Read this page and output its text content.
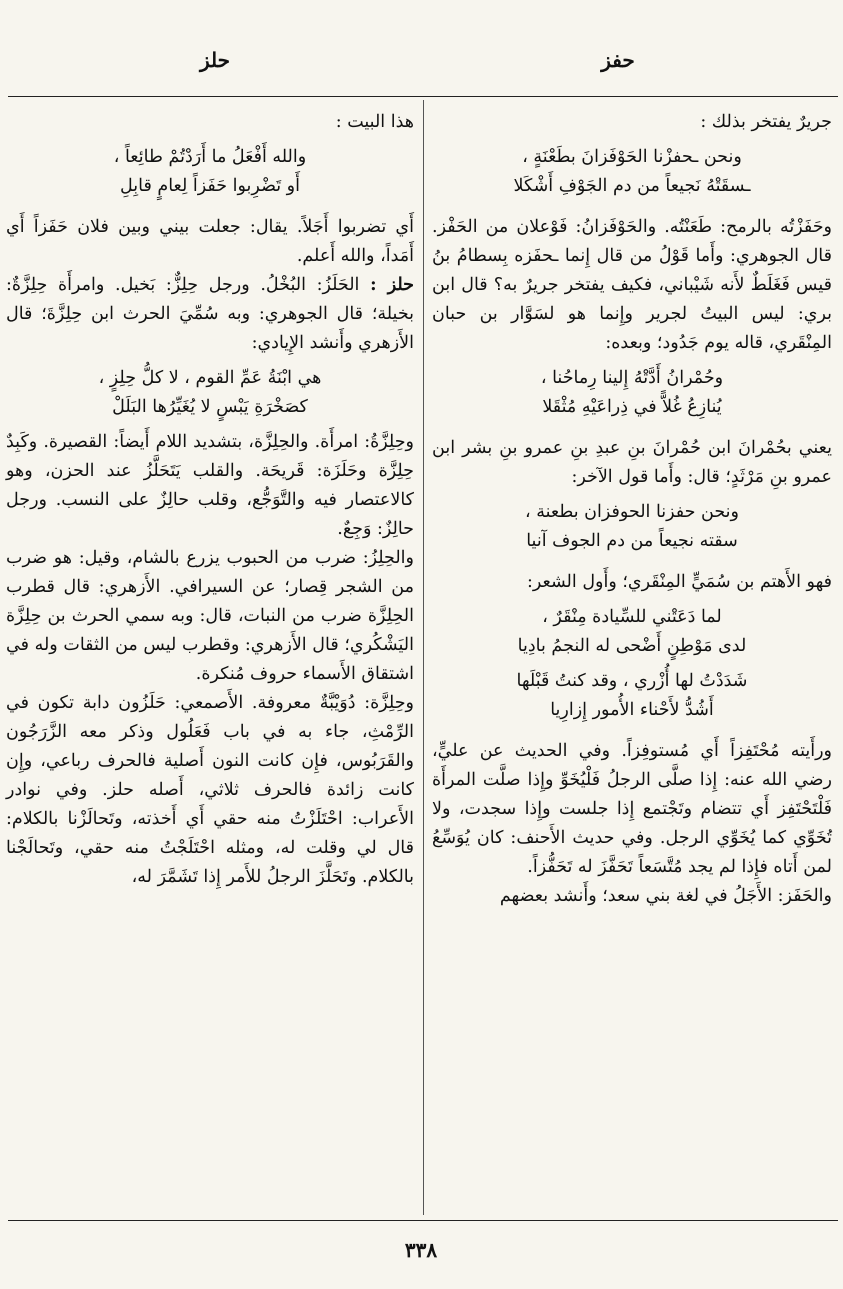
حفز
حلز

جريرٌ يفتخر بذلك :

ونحن ـحفزْنا الحَوْفَزانَ بطَعْنَةٍ ،
ـسقَتْهُ نَجيعاً من دم الجَوْفِ أَشْكَلا

وحَفَزْتُه بالرمح: طَعَنْتُه. والحَوْفَزانُ: فَوْعلان من الحَفْز. قال الجوهري: وأَما قَوْلُ من قال إِنما ـحفَزه بِسطامُ بنُ قيس فَغَلَطٌ لأَنه شَيْباني، فكيف يفتخر جريرٌ به؟ قال ابن بري: ليس البيتُ لجرير وإِنما هو لسَوَّار بن حبان المِنْقَري، قاله يوم جَدُود؛ وبعده:

وحُمْرانُ أَدَّتْهُ إِلينا رِماحُنا ،
يُنازِعُ غُلاًّ في ذِراعَيْهِ مُثْقَلا

يعني بحُمْرانَ ابن حُمْرانَ بنِ عبدِ بنِ عمرو بنِ بشر ابن عمرو بنِ مَرْثَدٍ؛ قال: وأَما قول الآخر:

ونحن حفزنا الحوفزان بطعنة ،
سقته نجيعاً من دم الجوف آنيا

فهو الأَهتم بن سُمَيٍّ المِنْقَري؛ وأَول الشعر:

لما دَعَتْني للسِّيادة مِنْقَرٌ ،
لدى مَوْطِنٍ أَضْحى له النجمُ بادِيا
شَدَدْتُ لها أُزْري ، وقد كنتُ قَبْلَها
أَشُدُّ لأَحْناء الأُمور إِزارِيا

ورأَيته مُحْتَفِزاً أَي مُستوفِزاً. وفي الحديث عن عليٍّ، رضي الله عنه: إِذا صلَّى الرجلُ فَلْيُخَوِّ وإِذا صلَّت المرأَة فَلْتَحْتَفِز أَي تتضام وتَجْتمع إِذا جلست وإِذا سجدت، ولا تُخَوِّي كما يُخَوِّي الرجل. وفي حديث الأَحنف: كان يُوَسِّعُ لمن أَتاه فإِذا لم يجد مُتَّسَعاً تَحَفَّزَ له تَحَفُّزاً.

والحَفَز: الأَجَلُ في لغة بني سعد؛ وأَنشد بعضهم

هذا البيت :

والله أَفْعَلُ ما أَرَدْتُمْ طائِعاً ،
أَو تَضْرِبوا حَفَزاً لِعامٍ قابِلِ

أَي تضربوا أَجَلاً. يقال: جعلت بيني وبين فلان حَفَزاً أَي أَمَداً، والله أَعلم.

حلز : الحَلَزُ: البُخْلُ. ورجل حِلِزٌّ: بَخيل. وامرأَة حِلِزَّةٌ: بخيلة؛ قال الجوهري: وبه سُمِّيَ الحرث ابن حِلِزَّةَ؛ قال الأَزهري وأَنشد الإِيادي:

هي ابْنَةُ عَمِّ القوم ، لا كلُّ حِلِزٍ ،
كصَخْرَةِ يَبْسٍ لا يُغَيِّرُها البَلَلْ

وحِلِزَّةُ: امرأَة. والحِلِزَّة، بتشديد اللام أَيضاً: القصيرة. وكَبِدٌ حِلِزَّة وحَلَزَة: قَريحَة. والقلب يَتَحَلَّزُ عند الحزن، وهو كالاعتصار فيه والتَّوَجُّع، وقلب حالِزٌ على النسب. ورجل حالِزٌ: وَجِعٌ.

والحِلِزُ: ضرب من الحبوب يزرع بالشام، وقيل: هو ضرب من الشجر قِصار؛ عن السيرافي. الأَزهري: قال قطرب الحِلِزَّة ضرب من النبات، قال: وبه سمي الحرث بن حِلِزَّة اليَشْكُري؛ قال الأَزهري: وقطرب ليس من الثقات وله في اشتقاق الأَسماء حروف مُنكرة.

وحِلِزَّة: دُوَيْبَّةٌ معروفة. الأَصمعي: حَلَزُون دابة تكون في الرِّمْثِ، جاء به في باب فَعَلُول وذكر معه الزَّرَجُون والقَرَبُوس، فإِن كانت النون أَصلية فالحرف رباعي، وإِن كانت زائدة فالحرف ثلاثي، أَصله حلز. وفي نوادر الأَعراب: احْتَلَزْتُ منه حقي أَي أَخذته، وتَحالَزْنا بالكلام: قال لي وقلت له، ومثله احْتَلَجْتُ منه حقي، وتَحالَجْنا بالكلام. وتَحَلَّزَ الرجلُ للأَمر إِذا تَشَمَّرَ له،

٣٣٨
